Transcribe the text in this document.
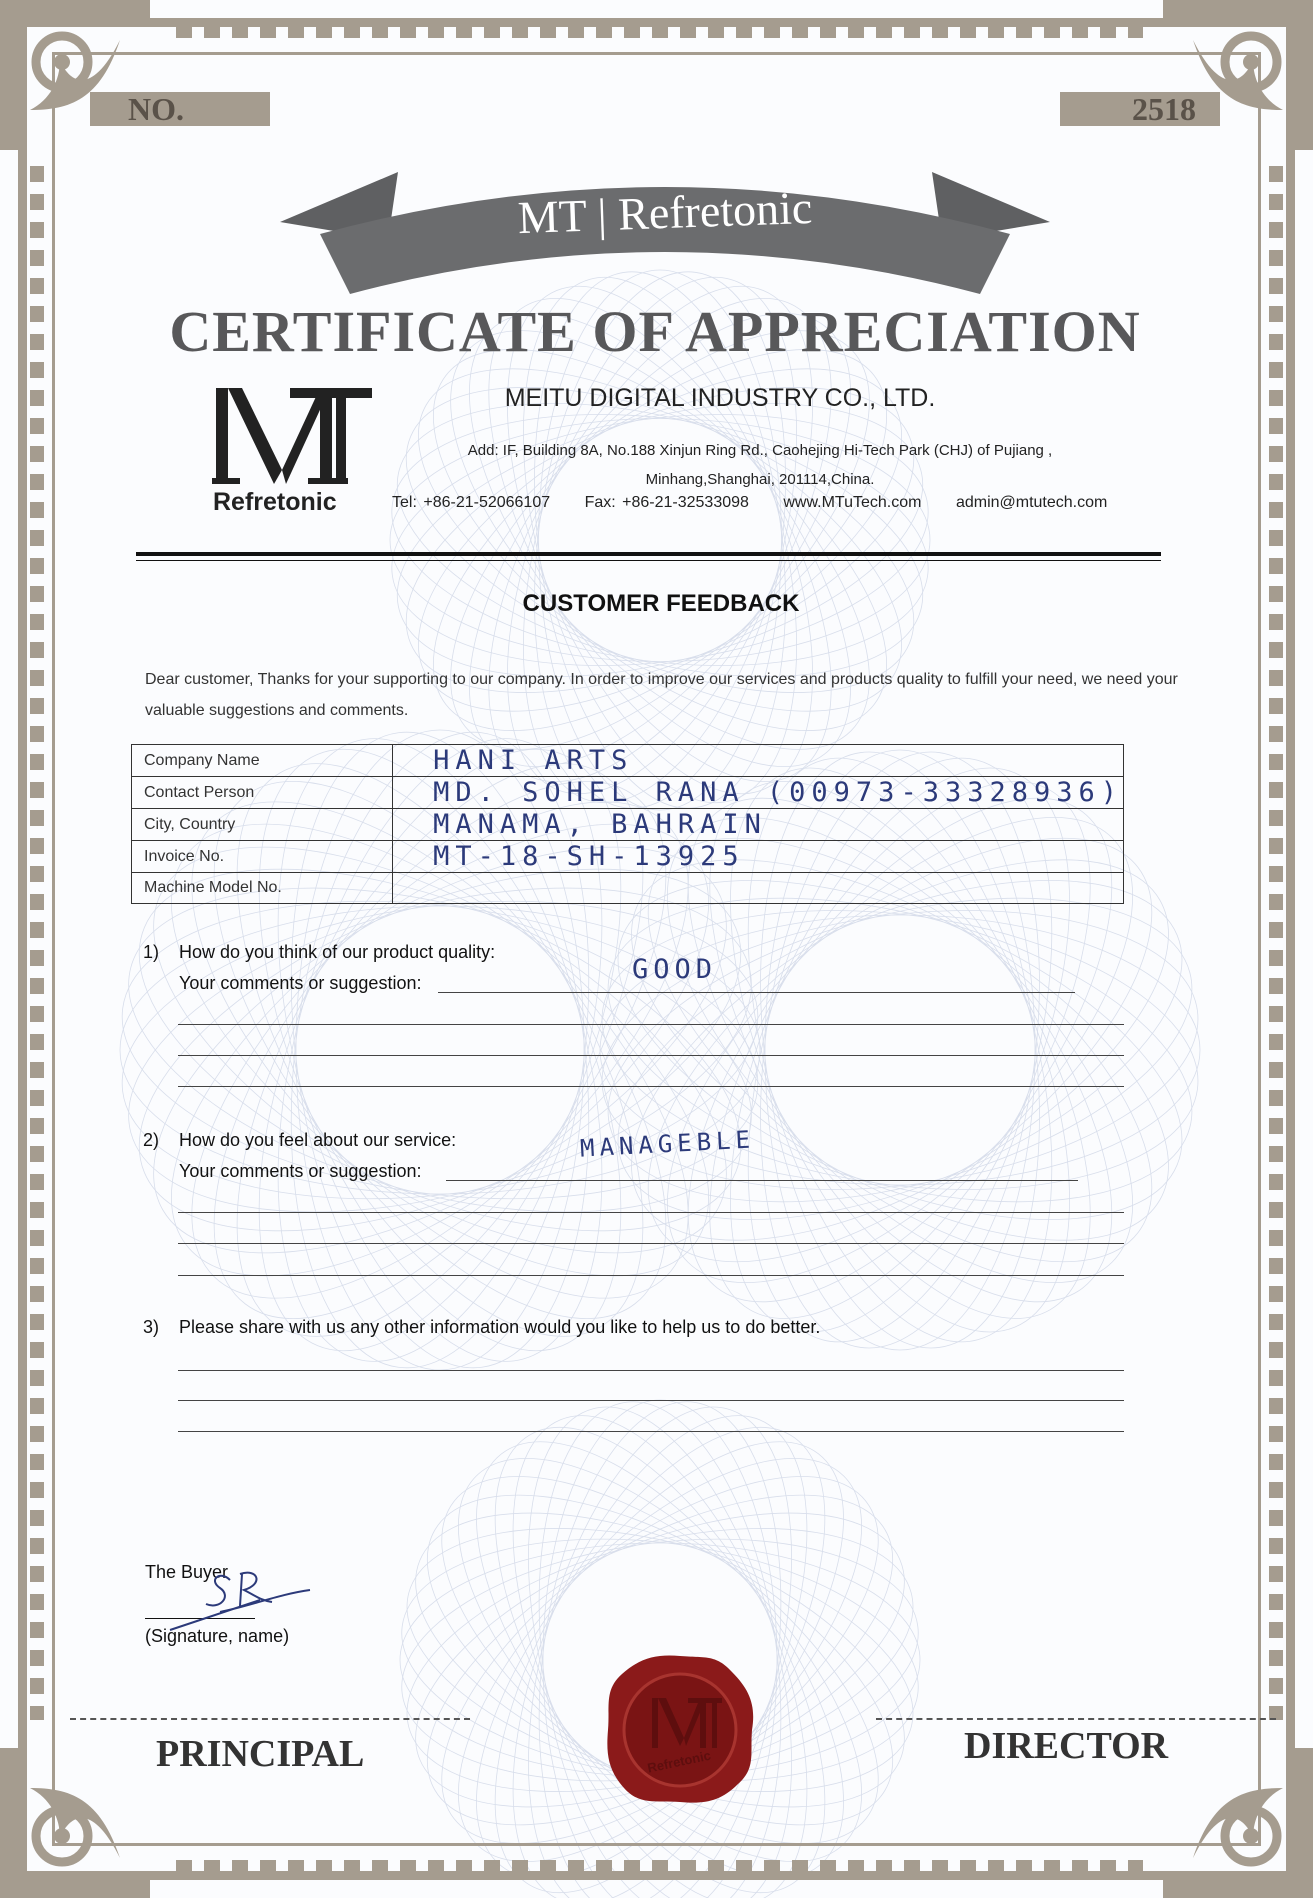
NO.	2518
MT | Refretonic
CERTIFICATE OF APPRECIATION
Refretonic
MEITU DIGITAL INDUSTRY CO., LTD.
Add: IF, Building 8A, No.188 Xinjun Ring Rd., Caohejing Hi-Tech Park (CHJ) of Pujiang ,
Minhang,Shanghai, 201114,China.
Tel: +86-21-52066107 Fax: +86-21-32533098 www.MTuTech.com admin@mtutech.com
CUSTOMER FEEDBACK
Dear customer, Thanks for your supporting to our company. In order to improve our services and products quality to fulfill your need, we need your valuable suggestions and comments.
Company Name	HANI ARTS
Contact Person	MD. SOHEL RANA (00973-33328936)
City, Country	MANAMA, BAHRAIN
Invoice No.	MT-18-SH-13925
Machine Model No.	
1) How do you think of our product quality:
Your comments or suggestion:	GOOD
2) How do you feel about our service:
Your comments or suggestion:
MANAGEBLE
3) Please share with us any other information would you like to help us to do better.
The Buyer
(Signature, name)
PRINCIPAL	DIRECTOR
Refretonic
